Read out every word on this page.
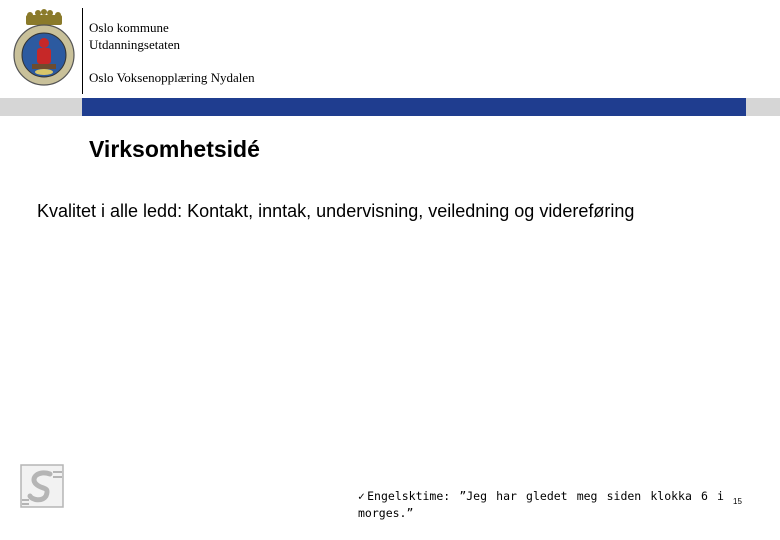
Oslo kommune
Utdanningsetaten
Oslo Voksenopplæring Nydalen
Virksomhetsidé
Kvalitet i alle ledd: Kontakt, inntak, undervisning, veiledning og videreføring
✓Engelsktime: ”Jeg har gledet meg siden klokka 6 i morges.”
15
